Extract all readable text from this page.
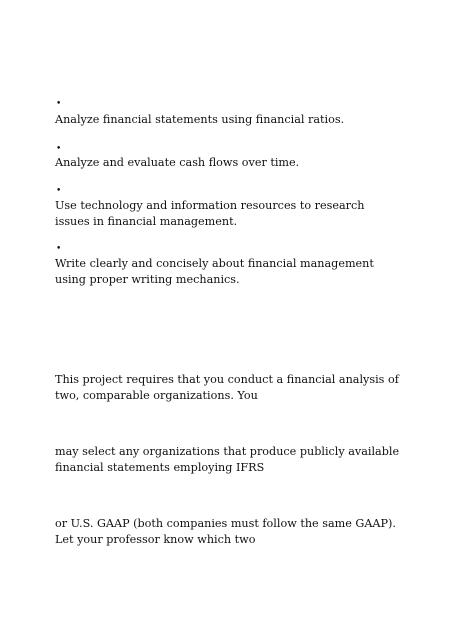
•
Analyze financial statements using financial ratios.
•
Analyze and evaluate cash flows over time.
•
Use technology and information resources to research issues in financial management.
•
Write clearly and concisely about financial management using proper writing mechanics.
This project requires that you conduct a financial analysis of two, comparable organizations. You
may select any organizations that produce publicly available financial statements employing IFRS
or U.S. GAAP (both companies must follow the same GAAP). Let your professor know which two
